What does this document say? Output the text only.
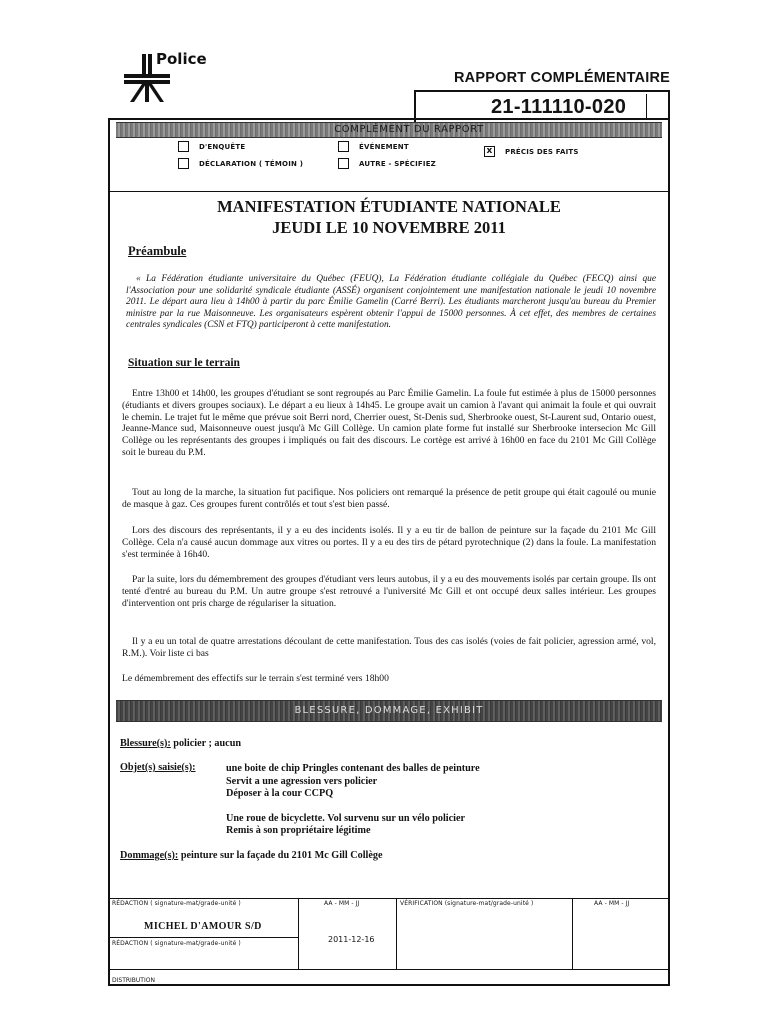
Police
RAPPORT COMPLÉMENTAIRE
21-111110-020
COMPLÉMENT DU RAPPORT
D'ENQUÊTE
DÉCLARATION ( TÉMOIN )
ÉVÉNEMENT
AUTRE - SPÉCIFIEZ
x	PRÉCIS DES FAITS
MANIFESTATION ÉTUDIANTE NATIONALE
JEUDI LE 10 NOVEMBRE 2011
Préambule
« La Fédération étudiante universitaire du Québec (FEUQ), La Fédération étudiante collégiale du Québec (FECQ) ainsi que l'Association pour une solidarité syndicale étudiante (ASSÉ) organisent conjointement une manifestation nationale le jeudi 10 novembre 2011. Le départ aura lieu à 14h00 à partir du parc Émilie Gamelin (Carré Berri). Les étudiants marcheront jusqu'au bureau du Premier ministre par la rue Maisonneuve. Les organisateurs espèrent obtenir l'appui de 15000 personnes. À cet effet, des membres de certaines centrales syndicales (CSN et FTQ) participeront à cette manifestation.
Situation sur le terrain
Entre 13h00 et 14h00, les groupes d'étudiant se sont regroupés au Parc Émilie Gamelin. La foule fut estimée à plus de 15000 personnes (étudiants et divers groupes sociaux). Le départ a eu lieux à 14h45. Le groupe avait un camion à l'avant qui animait la foule et qui ouvrait le chemin. Le trajet fut le même que prévue soit Berri nord, Cherrier ouest, St-Denis sud, Sherbrooke ouest, St-Laurent sud, Ontario ouest, Jeanne-Mance sud, Maisonneuve ouest jusqu'à Mc Gill Collège. Un camion plate forme fut installé sur Sherbrooke intersecion Mc Gill Collège ou les représentants des groupes i impliqués ou fait des discours. Le cortège est arrivé à 16h00 en face du 2101 Mc Gill Collège soit le bureau du P.M.
Tout au long de la marche, la situation fut pacifique. Nos policiers ont remarqué la présence de petit groupe qui était cagoulé ou munie de masque à gaz. Ces groupes furent contrôlés et tout s'est bien passé.
Lors des discours des représentants, il y a eu des incidents isolés. Il y a eu tir de ballon de peinture sur la façade du 2101 Mc Gill Collège. Cela n'a causé aucun dommage aux vitres ou portes. Il y a eu des tirs de pétard pyrotechnique (2) dans la foule. La manifestation s'est terminée à 16h40.
Par la suite, lors du démembrement des groupes d'étudiant vers leurs autobus, il y a eu des mouvements isolés par certain groupe. Ils ont tenté d'entré au bureau du P.M. Un autre groupe s'est retrouvé a l'université Mc Gill et ont occupé deux salles intérieur. Les groupes d'intervention ont pris charge de régulariser la situation.
Il y a eu un total de quatre arrestations découlant de cette manifestation. Tous des cas isolés (voies de fait policier, agression armé, vol, R.M.). Voir liste ci bas
Le démembrement des effectifs sur le terrain s'est terminé vers 18h00
BLESSURE, DOMMAGE, EXHIBIT
Blessure(s): policier ; aucun
Objet(s) saisie(s):	une boite de chip Pringles contenant des balles de peinture
Servit a une agression vers policier
Déposer à la cour CCPQ
Une roue de bicyclette. Vol survenu sur un vélo policier
Remis à son propriétaire légitime
Dommage(s): peinture sur la façade du 2101 Mc Gill Collège
RÉDACTION ( signature-mat/grade-unité )	AA - MM - JJ	VÉRIFICATION (signature-mat/grade-unité )	AA - MM - JJ
MICHEL D'AMOUR S/D
RÉDACTION ( signature-mat/grade-unité )	2011-12-16
DISTRIBUTION
